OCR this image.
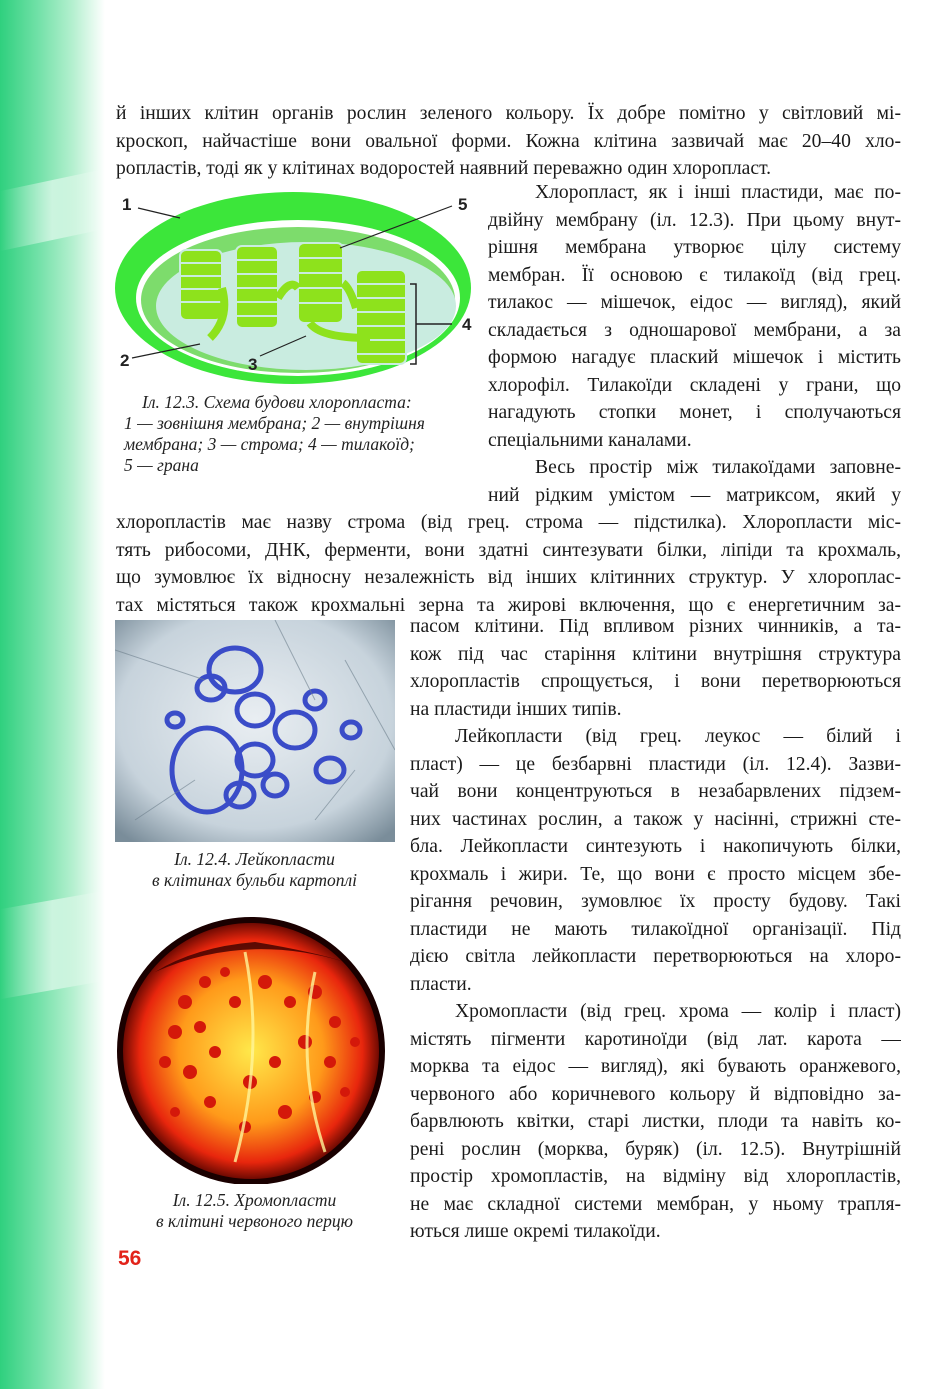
й інших клітин органів рослин зеленого кольору. Їх добре помітно у світловий мі-
кроскоп, найчастіше вони овальної форми. Кожна клітина зазвичай має 20–40 хло-
ропластів, тоді як у клітинах водоростей наявний переважно один хлоропласт.
1	5
4
2	3
Іл. 12.3. Схема будови хлоропласта:
1 — зовнішня мембрана; 2 — внутрішня
мембрана; 3 — строма; 4 — тилакоїд;
5 — грана
Хлоропласт, як і інші пластиди, має по-
двійну мембрану (іл. 12.3). При цьому внут-
рішня мембрана утворює цілу систему
мембран. Її основою є тилакоїд (від грец.
тилакос — мішечок, еідос — вигляд), який
складається з одношарової мембрани, а за
формою нагадує плаский мішечок і містить
хлорофіл. Тилакоїди складені у грани, що
нагадують стопки монет, і сполучаються
спеціальними каналами.
Весь простір між тилакоїдами заповне-
ний рідким умістом — матриксом, який у
хлоропластів має назву строма (від грец. строма — підстилка). Хлоропласти міс-
тять рибосоми, ДНК, ферменти, вони здатні синтезувати білки, ліпіди та крохмаль,
що зумовлює їх відносну незалежність від інших клітинних структур. У хлороплас-
тах містяться також крохмальні зерна та жирові включення, що є енергетичним за-
Іл. 12.4. Лейкопласти
в клітинах бульби картоплі
Іл. 12.5. Хромопласти
в клітині червоного перцю
пасом клітини. Під впливом різних чинників, а та-
кож під час старіння клітини внутрішня структура
хлоропластів спрощується, і вони перетворюються
на пластиди інших типів.
Лейкопласти (від грец. леукос — білий і
пласт) — це безбарвні пластиди (іл. 12.4). Зазви-
чай вони концентруються в незабарвлених підзем-
них частинах рослин, а також у насінні, стрижні сте-
бла. Лейкопласти синтезують і накопичують білки,
крохмаль і жири. Те, що вони є просто місцем збе-
рігання речовин, зумовлює їх просту будову. Такі
пластиди не мають тилакоїдної організації. Під
дією світла лейкопласти перетворюються на хлоро-
пласти.
Хромопласти (від грец. хрома — колір і пласт)
містять пігменти каротиноїди (від лат. карота —
морква та еідос — вигляд), які бувають оранжевого,
червоного або коричневого кольору й відповідно за-
барвлюють квітки, старі листки, плоди та навіть ко-
рені рослин (морква, буряк) (іл. 12.5). Внутрішній
простір хромопластів, на відміну від хлоропластів,
не має складної системи мембран, у ньому трапля-
ються лише окремі тилакоїди.
56
